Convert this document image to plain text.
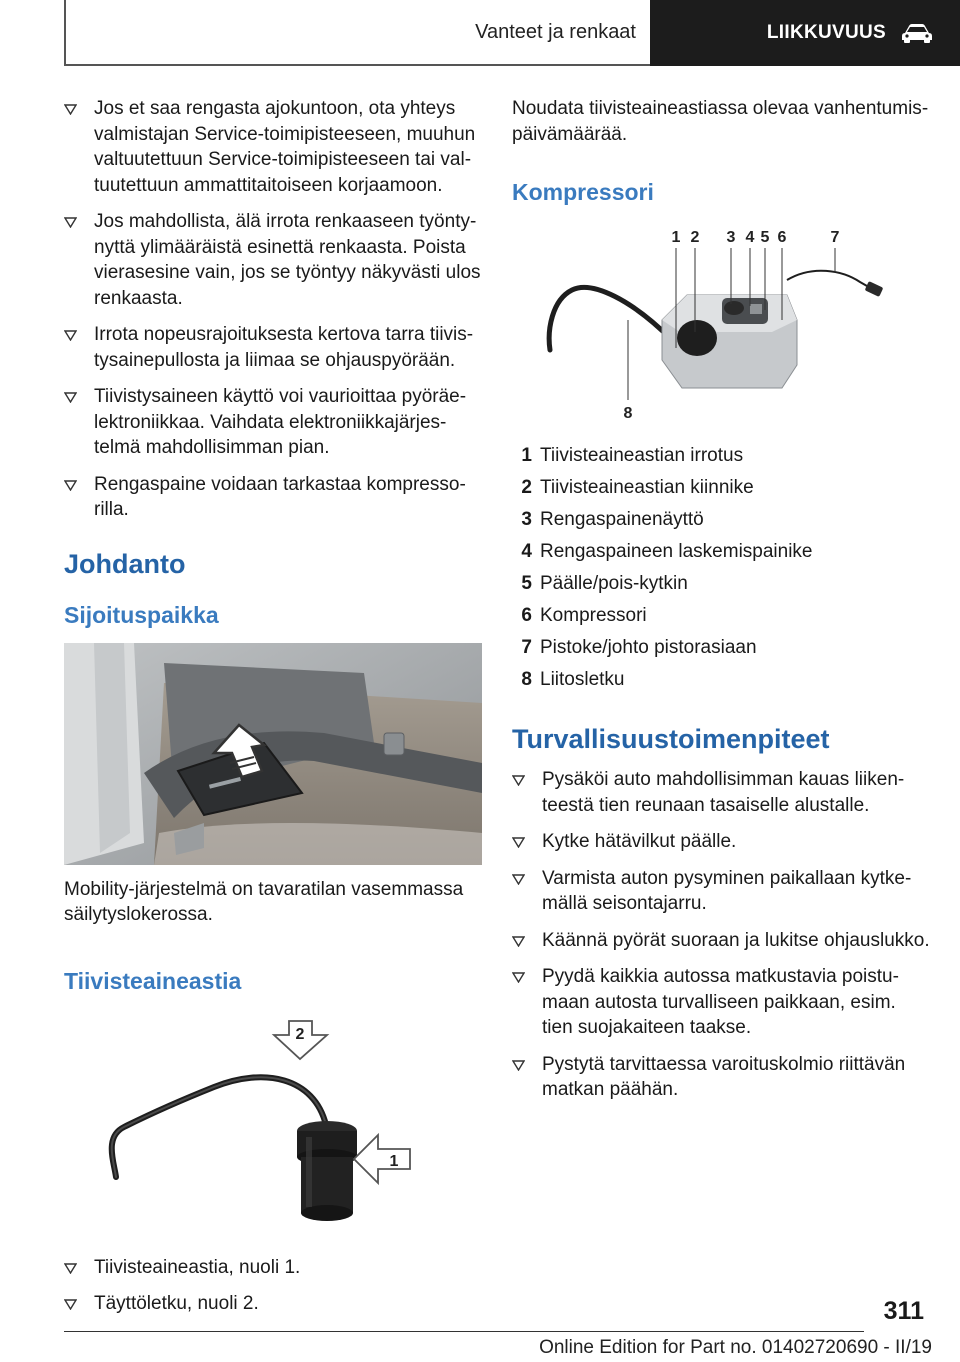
Vanteet ja renkaat	LIIKKUVUUS
Jos et saa rengasta ajokuntoon, ota yhteys valmistajan Service-toimipisteeseen, muuhun valtuutettuun Service-toimipisteeseen tai valtuutettuun ammattitaitoiseen korjaamoon.
Jos mahdollista, älä irrota renkaaseen työntynyttä ylimääräistä esinettä renkaasta. Poista vierasesine vain, jos se työntyy näkyvästi ulos renkaasta.
Irrota nopeusrajoituksesta kertova tarra tiivistysainepullosta ja liimaa se ohjauspyörään.
Tiivistysaineen käyttö voi vaurioittaa pyöräelektroniikkaa. Vaihdata elektroniikkajärjestelmä mahdollisimman pian.
Rengaspaine voidaan tarkastaa kompressorilla.
Johdanto
Sijoituspaikka

Mobility-järjestelmä on tavaratilan vasemmassa säilytyslokerossa.

Tiivisteaineastia
2
1
Tiivisteaineastia, nuoli 1.
Täyttöletku, nuoli 2.

Noudata tiivisteaineastiassa olevaa vanhentumispäivämäärää.

Kompressori
1 2 3 4 5 6	7
8
1 Tiivisteaineastian irrotus
2 Tiivisteaineastian kiinnike
3 Rengaspainenäyttö
4 Rengaspaineen laskemispainike
5 Päälle/pois-kytkin
6 Kompressori
7 Pistoke/johto pistorasiaan
8 Liitosletku
Turvallisuustoimenpiteet
Pysäköi auto mahdollisimman kauas liikenteestä tien reunaan tasaiselle alustalle.
Kytke hätävilkut päälle.
Varmista auton pysyminen paikallaan kytkemällä seisontajarru.
Käännä pyörät suoraan ja lukitse ohjauslukko.
Pyydä kaikkia autossa matkustavia poistumaan autosta turvalliseen paikkaan, esim. tien suojakaiteen taakse.
Pystytä tarvittaessa varoituskolmio riittävän matkan päähän.
311
Online Edition for Part no. 01402720690 - II/19
